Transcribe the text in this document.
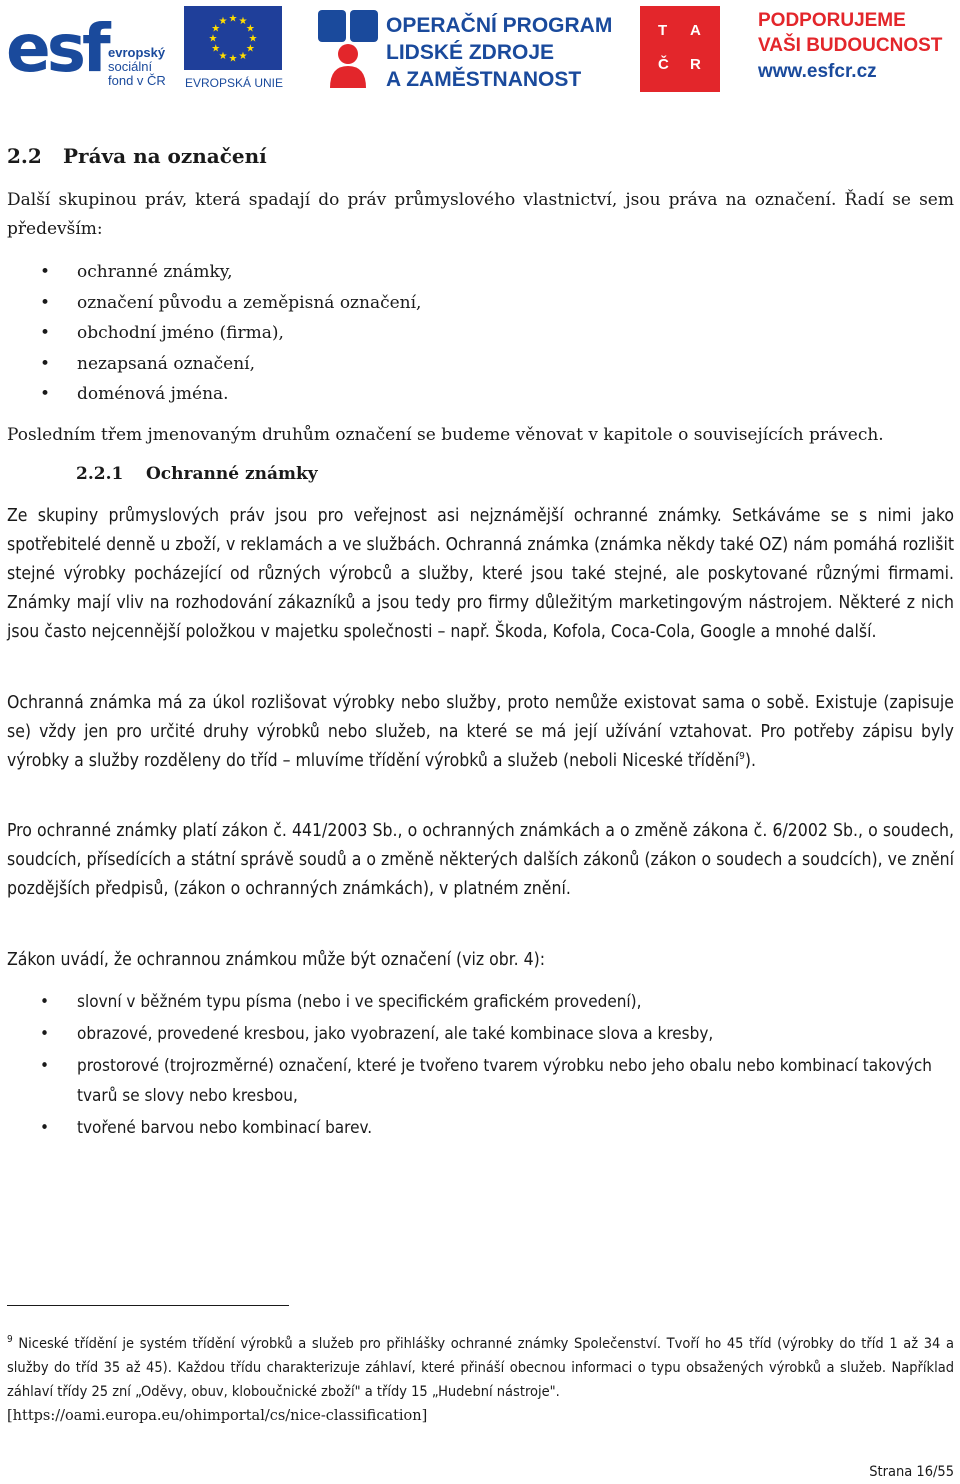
esf evropský
sociální
fond v ČR
★ ★
★
★
★
★
★
★
★
★
★
★
EVROPSKÁ UNIE
OPERAČNÍ PROGRAM
LIDSKÉ ZDROJE
A ZAMĚSTNANOST
T A
Č R
PODPORUJEME
VAŠI BUDOUCNOST
www.esfcr.cz
2.2 Práva na označení

Další skupinou práv, která spadají do práv průmyslového vlastnictví, jsou práva na označení. Řadí se sem především:

• ochranné známky,
• označení původu a zeměpisná označení,
• obchodní jméno (firma),
• nezapsaná označení,
• doménová jména.

Posledním třem jmenovaným druhům označení se budeme věnovat v kapitole o souvisejících právech.

2.2.1 Ochranné známky

Ze skupiny průmyslových práv jsou pro veřejnost asi nejznámější ochranné známky. Setkáváme se s nimi jako spotřebitelé denně u zboží, v reklamách a ve službách. Ochranná známka (známka někdy také OZ) nám pomáhá rozlišit stejné výrobky pocházející od různých výrobců a služby, které jsou také stejné, ale poskytované různými firmami. Známky mají vliv na rozhodování zákazníků a jsou tedy pro firmy důležitým marketingovým nástrojem. Některé z nich jsou často nejcennější položkou v majetku společnosti – např. Škoda, Kofola, Coca-Cola, Google a mnohé další.

Ochranná známka má za úkol rozlišovat výrobky nebo služby, proto nemůže existovat sama o sobě. Existuje (zapisuje se) vždy jen pro určité druhy výrobků nebo služeb, na které se má její užívání vztahovat. Pro potřeby zápisu byly výrobky a služby rozděleny do tříd – mluvíme třídění výrobků a služeb (neboli Niceské třídění$^9$).

Pro ochranné známky platí zákon č. 441/2003 Sb., o ochranných známkách a o změně zákona č. 6/2002 Sb., o soudech, soudcích, přísedících a státní správě soudů a o změně některých dalších zákonů (zákon o soudech a soudcích), ve znění pozdějších předpisů, (zákon o ochranných známkách), v platném znění.

Zákon uvádí, že ochrannou známkou může být označení (viz obr. 4):

• slovní v běžném typu písma (nebo i ve specifickém grafickém provedení),
• obrazové, provedené kresbou, jako vyobrazení, ale také kombinace slova a kresby,
• prostorové (trojrozměrné) označení, které je tvořeno tvarem výrobku nebo jeho obalu nebo kombinací takových tvarů se slovy nebo kresbou,
• tvořené barvou nebo kombinací barev.
$^9$ Niceské třídění je systém třídění výrobků a služeb pro přihlášky ochranné známky Společenství. Tvoří ho 45 tříd (výrobky do tříd 1 až 34 a služby do tříd 35 až 45). Každou třídu charakterizuje záhlaví, které přináší obecnou informaci o typu obsažených výrobků a služeb. Například záhlaví třídy 25 zní „Oděvy, obuv, kloboučnické zboží" a třídy 15 „Hudební nástroje".
[https://oami.europa.eu/ohimportal/cs/nice-classification]
Strana 16/55
